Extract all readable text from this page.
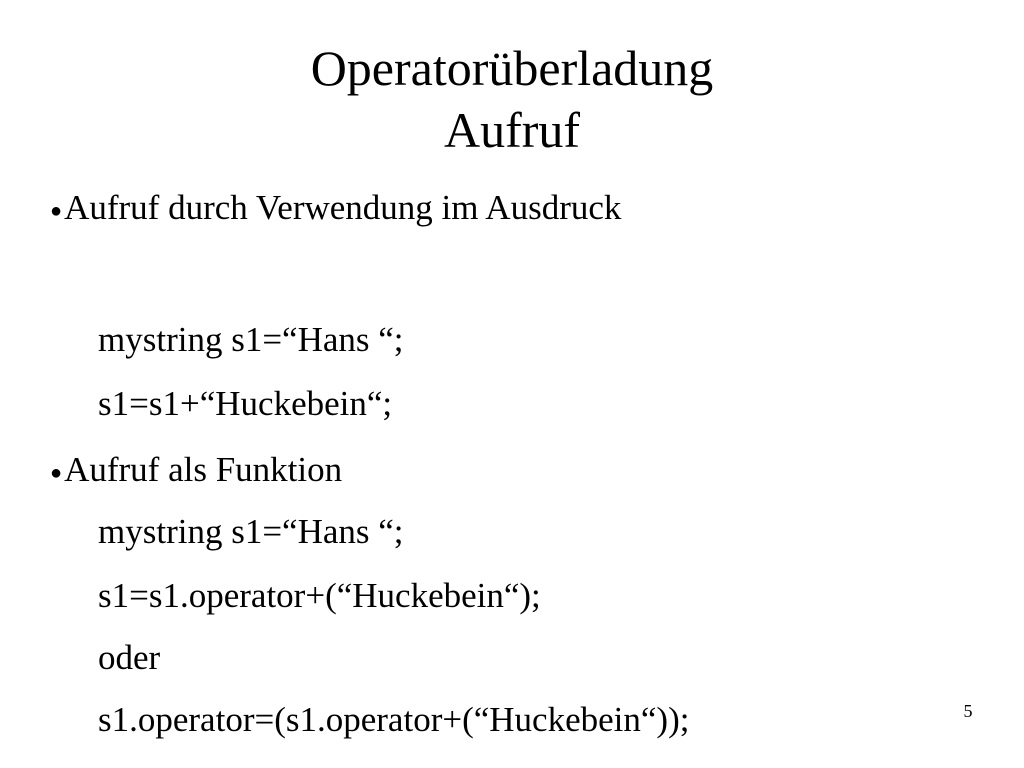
Operatorüberladung
Aufruf
●Aufruf durch Verwendung im Ausdruck
mystring s1=“Hans “;
s1=s1+“Huckebein“;
●Aufruf als Funktion
mystring s1=“Hans “;
s1=s1.operator+(“Huckebein“);
oder
s1.operator=(s1.operator+(“Huckebein“));	5
